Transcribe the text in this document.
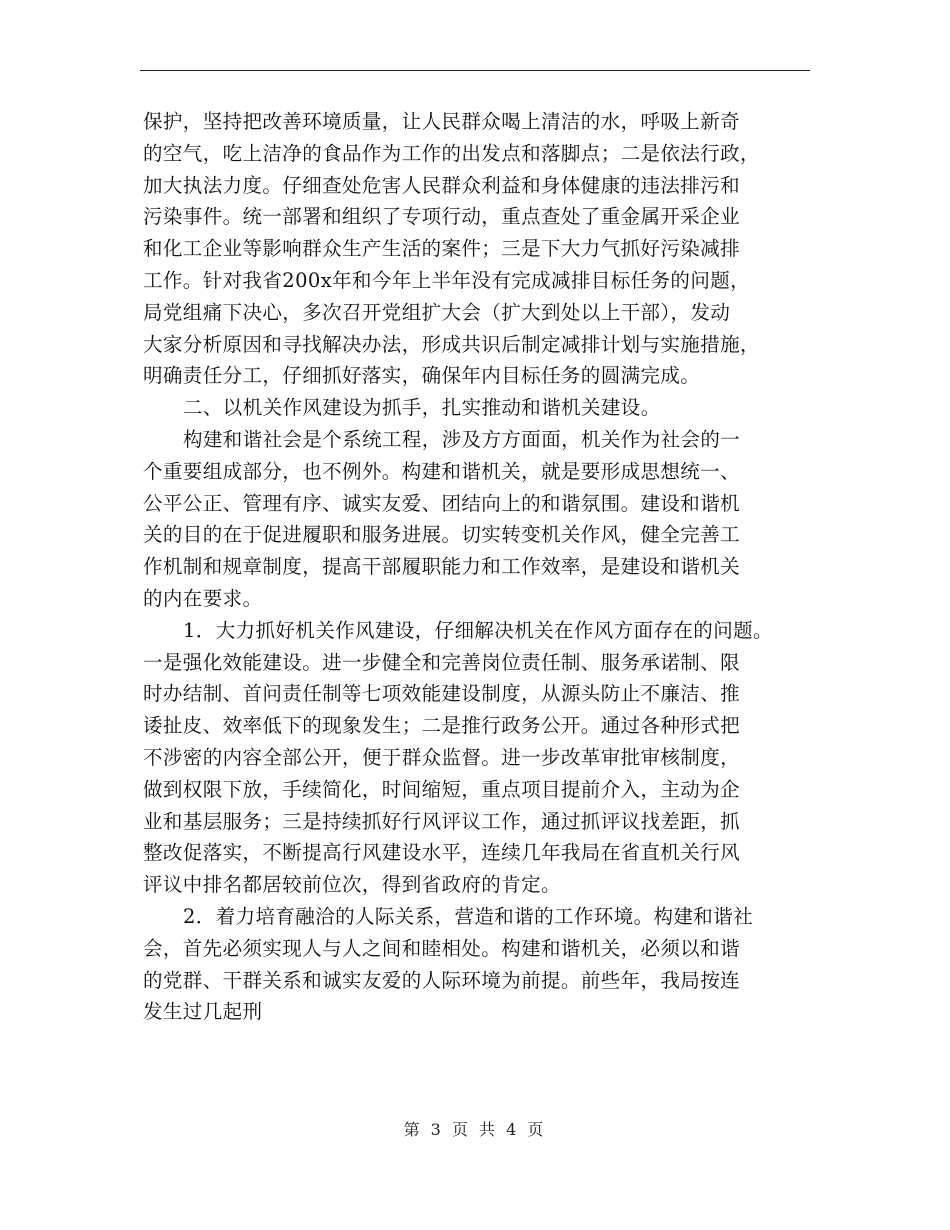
保护，坚持把改善环境质量，让人民群众喝上清洁的水，呼吸上新奇
的空气，吃上洁净的食品作为工作的出发点和落脚点；二是依法行政，
加大执法力度。仔细查处危害人民群众利益和身体健康的违法排污和
污染事件。统一部署和组织了专项行动，重点查处了重金属开采企业
和化工企业等影响群众生产生活的案件；三是下大力气抓好污染减排
工作。针对我省200x年和今年上半年没有完成减排目标任务的问题，
局党组痛下决心，多次召开党组扩大会（扩大到处以上干部），发动
大家分析原因和寻找解决办法，形成共识后制定减排计划与实施措施，
明确责任分工，仔细抓好落实，确保年内目标任务的圆满完成。
二、以机关作风建设为抓手，扎实推动和谐机关建设。
构建和谐社会是个系统工程，涉及方方面面，机关作为社会的一
个重要组成部分，也不例外。构建和谐机关，就是要形成思想统一、
公平公正、管理有序、诚实友爱、团结向上的和谐氛围。建设和谐机
关的目的在于促进履职和服务进展。切实转变机关作风，健全完善工
作机制和规章制度，提高干部履职能力和工作效率，是建设和谐机关
的内在要求。
1．大力抓好机关作风建设，仔细解决机关在作风方面存在的问题。
一是强化效能建设。进一步健全和完善岗位责任制、服务承诺制、限
时办结制、首问责任制等七项效能建设制度，从源头防止不廉洁、推
诿扯皮、效率低下的现象发生；二是推行政务公开。通过各种形式把
不涉密的内容全部公开，便于群众监督。进一步改革审批审核制度，
做到权限下放，手续简化，时间缩短，重点项目提前介入，主动为企
业和基层服务；三是持续抓好行风评议工作，通过抓评议找差距，抓
整改促落实，不断提高行风建设水平，连续几年我局在省直机关行风
评议中排名都居较前位次，得到省政府的肯定。
2．着力培育融洽的人际关系，营造和谐的工作环境。构建和谐社
会，首先必须实现人与人之间和睦相处。构建和谐机关，必须以和谐
的党群、干群关系和诚实友爱的人际环境为前提。前些年，我局按连
发生过几起刑
第 3 页 共 4 页
